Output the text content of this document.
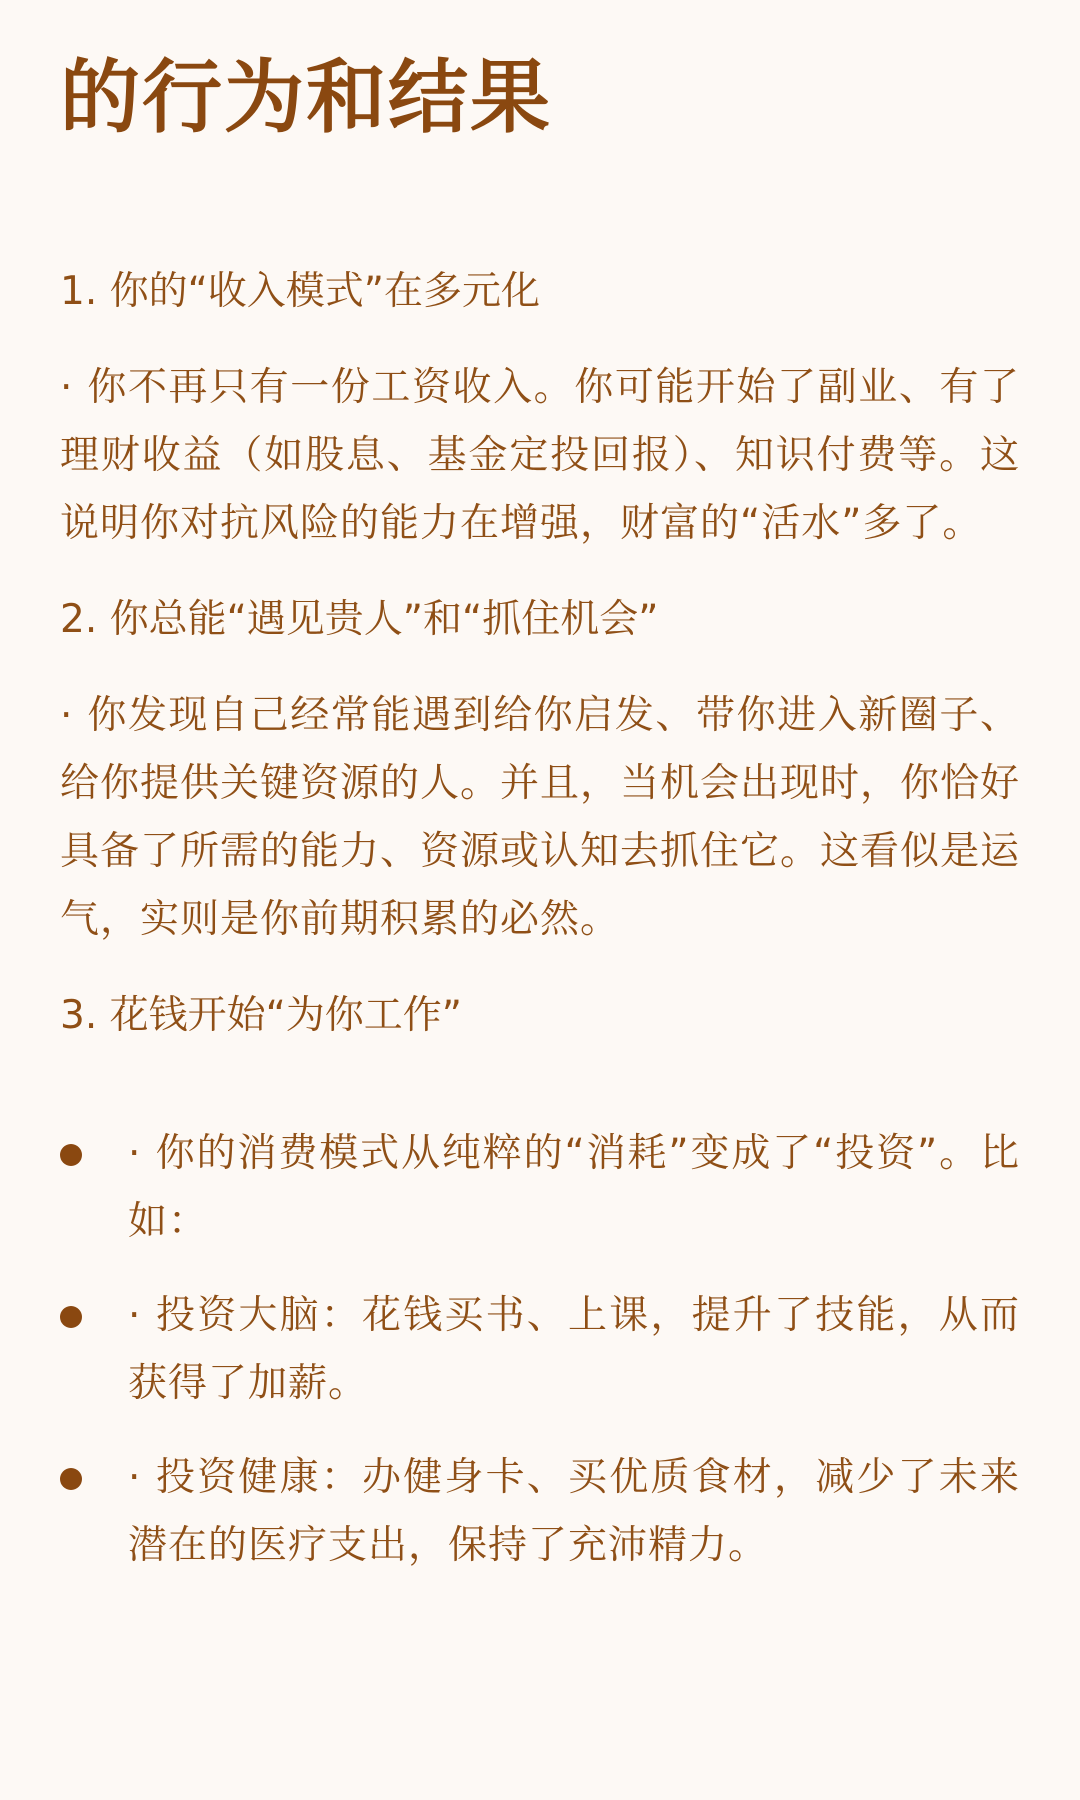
的行为和结果
1. 你的“收入模式”在多元化

· 你不再只有一份工资收入。你可能开始了副业、有了理财收益（如股息、基金定投回报）、知识付费等。这说明你对抗风险的能力在增强，财富的“活水”多了。

2. 你总能“遇见贵人”和“抓住机会”

· 你发现自己经常能遇到给你启发、带你进入新圈子、给你提供关键资源的人。并且，当机会出现时，你恰好具备了所需的能力、资源或认知去抓住它。这看似是运气，实则是你前期积累的必然。

3. 花钱开始“为你工作”

· 你的消费模式从纯粹的“消耗”变成了“投资”。比如：

· 投资大脑：花钱买书、上课，提升了技能，从而获得了加薪。

· 投资健康：办健身卡、买优质食材，减少了未来潜在的医疗支出，保持了充沛精力。
